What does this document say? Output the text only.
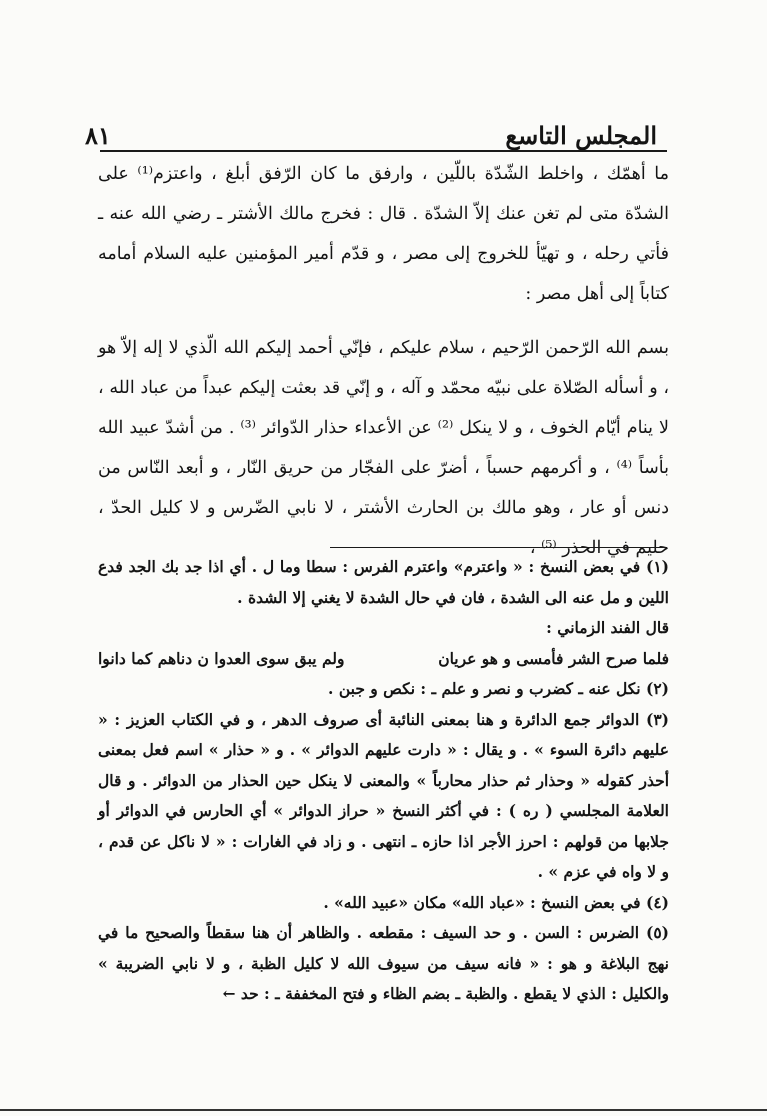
٨١	المجلس التاسع

ما أهمّك ، واخلط الشّدّة باللّين ، وارفق ما كان الرّفق أبلغ ، واعتزم⁽¹⁾ على الشدّة متى لم تغن عنك إلاّ الشدّة . قال : فخرج مالك الأشتر ـ رضي الله عنه ـ فأتي رحله ، و تهيّأ للخروج إلى مصر ، و قدّم أمير المؤمنين عليه السلام أمامه كتاباً إلى أهل مصر :

بسم الله الرّحمن الرّحيم ، سلام عليكم ، فإنّي أحمد إليكم الله الّذي لا إله إلاّ هو ، و أسأله الصّلاة على نبيّه محمّد و آله ، و إنّي قد بعثت إليكم عبداً من عباد الله ، لا ينام أيّام الخوف ، و لا ينكل ⁽²⁾ عن الأعداء حذار الدّوائر ⁽³⁾ . من أشدّ عبيد الله بأساً ⁽⁴⁾ ، و أكرمهم حسباً ، أضرّ على الفجّار من حريق النّار ، و أبعد النّاس من دنس أو عار ، وهو مالك بن الحارث الأشتر ، لا نابي الضّرس و لا كليل الحدّ ، حليم في الحذر ⁽⁵⁾ ،

(١) في بعض النسخ : « واعترم» واعترم الفرس : سطا وما ل . أي اذا جد بك الجد فدع اللين و مل عنه الى الشدة ، فان في حال الشدة لا يغني إلا الشدة .

قال الفند الزماني :

فلما صرح الشر فأمسى و هو عريان
ولم يبق سوى العدوا ن دناهم كما دانوا

(٢) نكل عنه ـ كضرب و نصر و علم ـ : نكص و جبن .

(٣) الدوائر جمع الدائرة و هنا بمعنى النائبة أى صروف الدهر ، و في الكتاب العزيز : « عليهم دائرة السوء » . و يقال : « دارت عليهم الدوائر » . و « حذار » اسم فعل بمعنى أحذر كقوله « وحذار ثم حذار محارباً » والمعنى لا ينكل حين الحذار من الدوائر . و قال العلامة المجلسي ( ره ) : في أكثر النسخ « حراز الدوائر » أي الحارس في الدوائر أو جلابها من قولهم : احرز الأجر اذا حازه ـ انتهى . و زاد في الغارات : « لا ناكل عن قدم ، و لا واه في عزم » .

(٤) في بعض النسخ : «عباد الله» مكان «عبيد الله» .

(٥) الضرس : السن . و حد السيف : مقطعه . والظاهر أن هنا سقطاً والصحيح ما في نهج البلاغة و هو : « فانه سيف من سيوف الله لا كليل الظبة ، و لا نابي الضريبة » والكليل : الذي لا يقطع . والظبة ـ بضم الظاء و فتح المخففة ـ : حد ←
